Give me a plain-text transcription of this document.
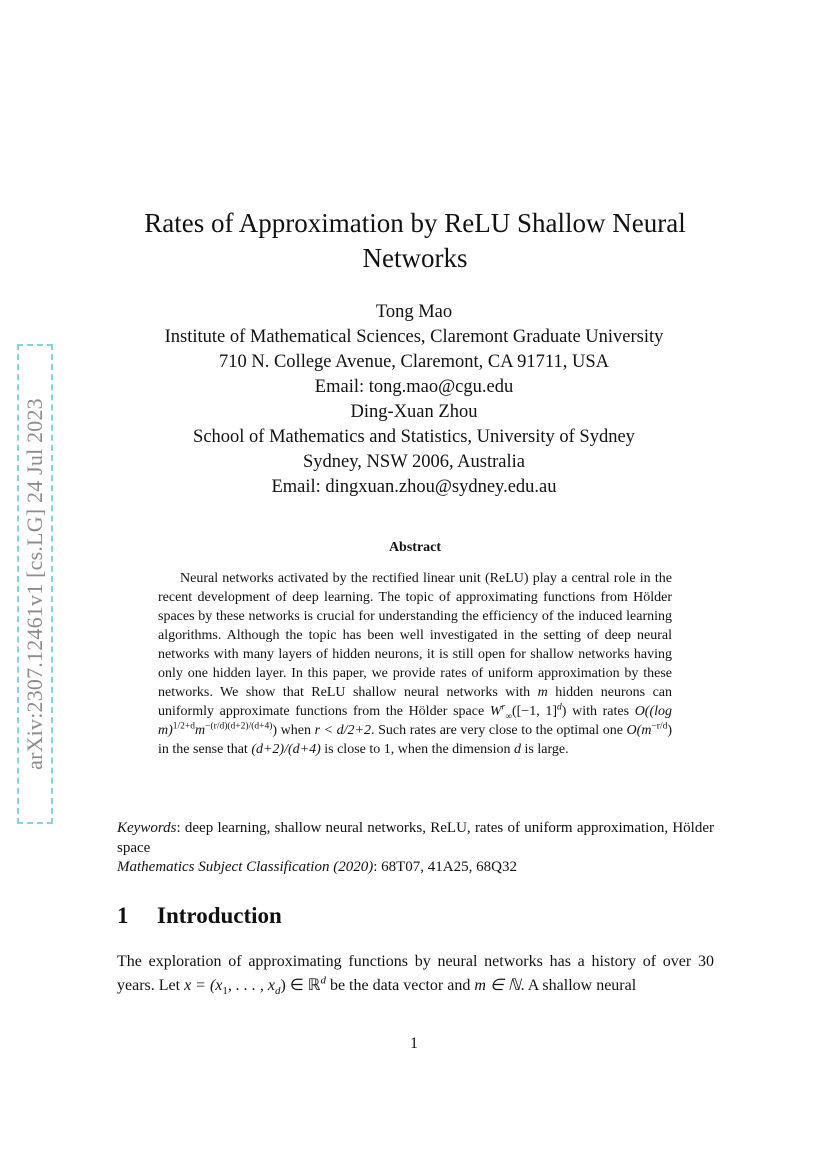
arXiv:2307.12461v1 [cs.LG] 24 Jul 2023
Rates of Approximation by ReLU Shallow Neural Networks
Tong Mao
Institute of Mathematical Sciences, Claremont Graduate University
710 N. College Avenue, Claremont, CA 91711, USA
Email: tong.mao@cgu.edu
Ding-Xuan Zhou
School of Mathematics and Statistics, University of Sydney
Sydney, NSW 2006, Australia
Email: dingxuan.zhou@sydney.edu.au
Abstract

Neural networks activated by the rectified linear unit (ReLU) play a central role in the recent development of deep learning. The topic of approximating functions from Hölder spaces by these networks is crucial for understanding the efficiency of the induced learning algorithms. Although the topic has been well investigated in the setting of deep neural networks with many layers of hidden neurons, it is still open for shallow networks having only one hidden layer. In this paper, we provide rates of uniform approximation by these networks. We show that ReLU shallow neural networks with m hidden neurons can uniformly approximate functions from the Hölder space $W^r_\infty([-1$, 1]$^d$) with rates O((log $m)^{1/2+d}m^{-(r/d)(d+2)/(d+4)}$) when r < d/2+2. Such rates are very close to the optimal one $O(m^{-r/d})$ in the sense that (d+2)/(d+4) is close to 1, when the dimension d is large.

Keywords: deep learning, shallow neural networks, ReLU, rates of uniform approximation, Hölder space
Mathematics Subject Classification (2020): 68T07, 41A25, 68Q32
1 Introduction
The exploration of approximating functions by neural networks has a history of over 30 years. Let $x = (x_1$, . . . , $x_d$) ∈ ℝ$^d$ be the data vector and m ∈ ℕ. A shallow neural
1
